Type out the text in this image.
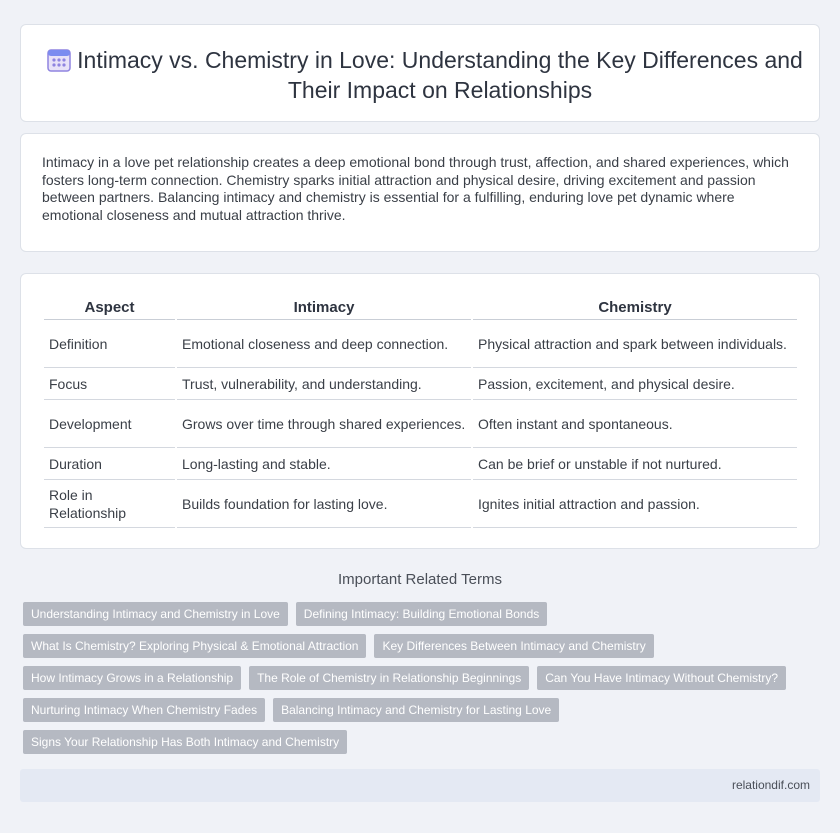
Intimacy vs. Chemistry in Love: Understanding the Key Differences and Their Impact on Relationships

Intimacy in a love pet relationship creates a deep emotional bond through trust, affection, and shared experiences, which fosters long-term connection. Chemistry sparks initial attraction and physical desire, driving excitement and passion between partners. Balancing intimacy and chemistry is essential for a fulfilling, enduring love pet dynamic where emotional closeness and mutual attraction thrive.

Aspect	Intimacy	Chemistry
Definition	Emotional closeness and deep connection.	Physical attraction and spark between individuals.
Focus	Trust, vulnerability, and understanding.	Passion, excitement, and physical desire.
Development	Grows over time through shared experiences.	Often instant and spontaneous.
Duration	Long-lasting and stable.	Can be brief or unstable if not nurtured.
Role in Relationship	Builds foundation for lasting love.	Ignites initial attraction and passion.
Important Related Terms
Understanding Intimacy and Chemistry in Love	Defining Intimacy: Building Emotional Bonds
What Is Chemistry? Exploring Physical & Emotional Attraction	Key Differences Between Intimacy and Chemistry
How Intimacy Grows in a Relationship	The Role of Chemistry in Relationship Beginnings	Can You Have Intimacy Without Chemistry?
Nurturing Intimacy When Chemistry Fades	Balancing Intimacy and Chemistry for Lasting Love
Signs Your Relationship Has Both Intimacy and Chemistry
relationdif.com
